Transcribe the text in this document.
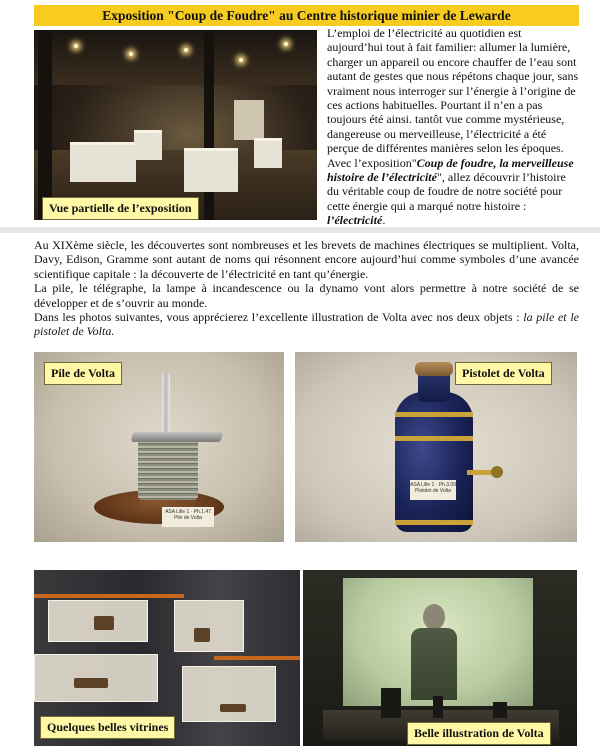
Exposition "Coup de Foudre" au Centre historique minier de Lewarde
Vue partielle de l’exposition

L’emploi de l’électricité au quotidien est aujourd’hui tout à fait familier: allumer la lumière, charger un appareil ou encore chauffer de l’eau sont autant de gestes que nous répétons chaque jour, sans vraiment nous interroger sur l’énergie à l’origine de ces actions habituelles. Pourtant il n’en a pas toujours été ainsi. tantôt vue comme mystérieuse, dangereuse ou merveilleuse, l’électricité a été perçue de différentes manières selon les époques.

Avec l’exposition"Coup de foudre, la merveilleuse histoire de l’électricité", allez découvrir l’histoire du véritable coup de foudre de notre société pour cette énergie qui a marqué notre histoire : l’électricité.

Au XIXème siècle, les découvertes sont nombreuses et les brevets de machines électriques se multiplient. Volta, Davy, Edison, Gramme sont autant de noms qui résonnent encore aujourd’hui comme symboles d’une avancée scientifique capitale : la découverte de l’électricité en tant qu’énergie.

La pile, le télégraphe, la lampe à incandescence ou la dynamo vont alors permettre à notre société de se développer et de s’ouvrir au monde.

Dans les photos suivantes, vous apprécierez l’excellente illustration de Volta avec nos deux objets : la pile et le pistolet de Volta.

ASA Lille 1 · Ph.1.47
Pile de Volta
Pile de Volta
ASA Lille 1 · Ph.3.09
Pistolet de Volta
Pistolet de Volta
Quelques belles vitrines	Belle illustration de Volta
